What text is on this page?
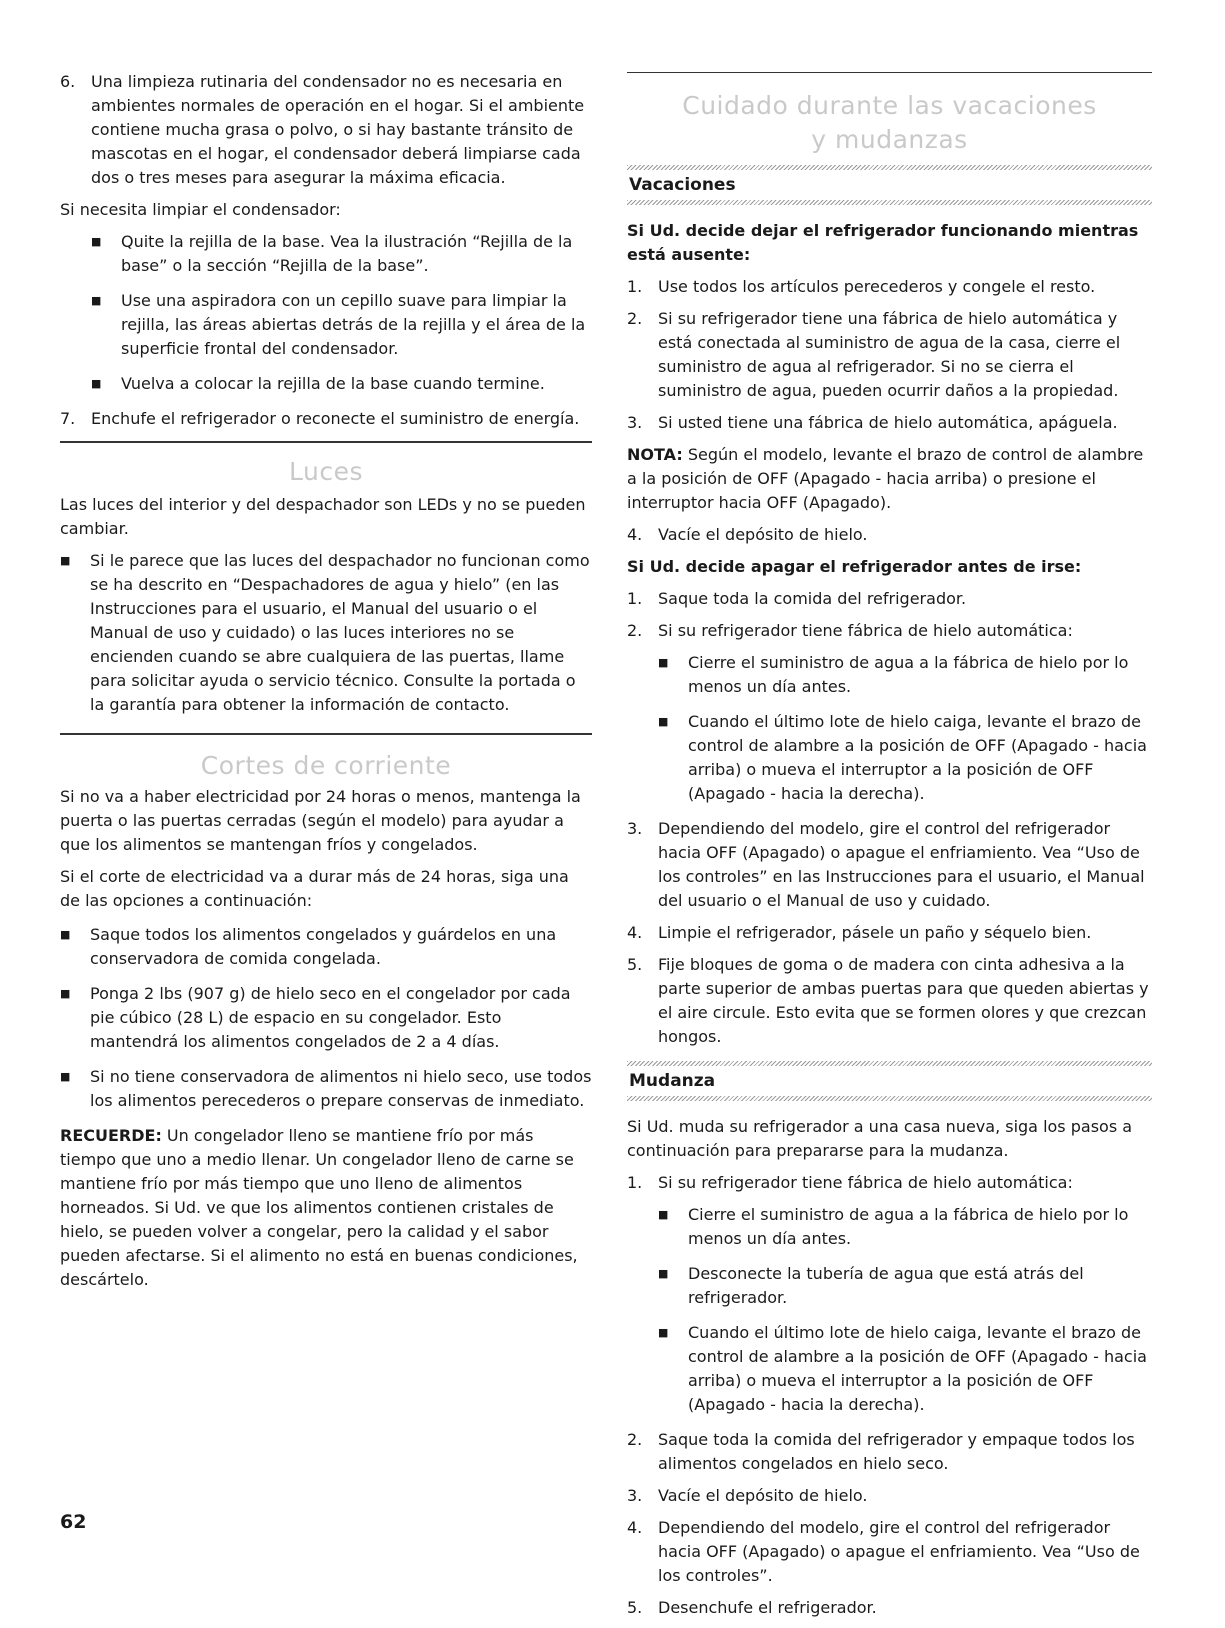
6. Una limpieza rutinaria del condensador no es necesaria en ambientes normales de operación en el hogar. Si el ambiente contiene mucha grasa o polvo, o si hay bastante tránsito de mascotas en el hogar, el condensador deberá limpiarse cada dos o tres meses para asegurar la máxima eficacia.

Si necesita limpiar el condensador:

■	Quite la rejilla de la base. Vea la ilustración “Rejilla de la base” o la sección “Rejilla de la base”.
■	Use una aspiradora con un cepillo suave para limpiar la rejilla, las áreas abiertas detrás de la rejilla y el área de la superficie frontal del condensador.
■	Vuelva a colocar la rejilla de la base cuando termine.
7. Enchufe el refrigerador o reconecte el suministro de energía.
Luces

Las luces del interior y del despachador son LEDs y no se pueden cambiar.

■	Si le parece que las luces del despachador no funcionan como se ha descrito en “Despachadores de agua y hielo” (en las Instrucciones para el usuario, el Manual del usuario o el Manual de uso y cuidado) o las luces interiores no se encienden cuando se abre cualquiera de las puertas, llame para solicitar ayuda o servicio técnico. Consulte la portada o la garantía para obtener la información de contacto.
Cortes de corriente

Si no va a haber electricidad por 24 horas o menos, mantenga la puerta o las puertas cerradas (según el modelo) para ayudar a que los alimentos se mantengan fríos y congelados.

Si el corte de electricidad va a durar más de 24 horas, siga una de las opciones a continuación:

■	Saque todos los alimentos congelados y guárdelos en una conservadora de comida congelada.
■	Ponga 2 lbs (907 g) de hielo seco en el congelador por cada pie cúbico (28 L) de espacio en su congelador. Esto mantendrá los alimentos congelados de 2 a 4 días.
■	Si no tiene conservadora de alimentos ni hielo seco, use todos los alimentos perecederos o prepare conservas de inmediato.

RECUERDE: Un congelador lleno se mantiene frío por más tiempo que uno a medio llenar. Un congelador lleno de carne se mantiene frío por más tiempo que uno lleno de alimentos horneados. Si Ud. ve que los alimentos contienen cristales de hielo, se pueden volver a congelar, pero la calidad y el sabor pueden afectarse. Si el alimento no está en buenas condiciones, descártelo.

Cuidado durante las vacaciones
y mudanzas
Vacaciones

Si Ud. decide dejar el refrigerador funcionando mientras está ausente:

1. Use todos los artículos perecederos y congele el resto.
2. Si su refrigerador tiene una fábrica de hielo automática y está conectada al suministro de agua de la casa, cierre el suministro de agua al refrigerador. Si no se cierra el suministro de agua, pueden ocurrir daños a la propiedad.
3. Si usted tiene una fábrica de hielo automática, apáguela.

NOTA: Según el modelo, levante el brazo de control de alambre a la posición de OFF (Apagado - hacia arriba) o presione el interruptor hacia OFF (Apagado).

4. Vacíe el depósito de hielo.

Si Ud. decide apagar el refrigerador antes de irse:

1. Saque toda la comida del refrigerador.
2. Si su refrigerador tiene fábrica de hielo automática:
■	Cierre el suministro de agua a la fábrica de hielo por lo menos un día antes.
■	Cuando el último lote de hielo caiga, levante el brazo de control de alambre a la posición de OFF (Apagado - hacia arriba) o mueva el interruptor a la posición de OFF (Apagado - hacia la derecha).
3. Dependiendo del modelo, gire el control del refrigerador hacia OFF (Apagado) o apague el enfriamiento. Vea “Uso de los controles” en las Instrucciones para el usuario, el Manual del usuario o el Manual de uso y cuidado.
4. Limpie el refrigerador, pásele un paño y séquelo bien.
5. Fije bloques de goma o de madera con cinta adhesiva a la parte superior de ambas puertas para que queden abiertas y el aire circule. Esto evita que se formen olores y que crezcan hongos.
Mudanza

Si Ud. muda su refrigerador a una casa nueva, siga los pasos a continuación para prepararse para la mudanza.

1. Si su refrigerador tiene fábrica de hielo automática:
■	Cierre el suministro de agua a la fábrica de hielo por lo menos un día antes.
■	Desconecte la tubería de agua que está atrás del refrigerador.
■	Cuando el último lote de hielo caiga, levante el brazo de control de alambre a la posición de OFF (Apagado - hacia arriba) o mueva el interruptor a la posición de OFF (Apagado - hacia la derecha).
2. Saque toda la comida del refrigerador y empaque todos los alimentos congelados en hielo seco.
3. Vacíe el depósito de hielo.
4. Dependiendo del modelo, gire el control del refrigerador hacia OFF (Apagado) o apague el enfriamiento. Vea “Uso de los controles”.
5. Desenchufe el refrigerador.
62
